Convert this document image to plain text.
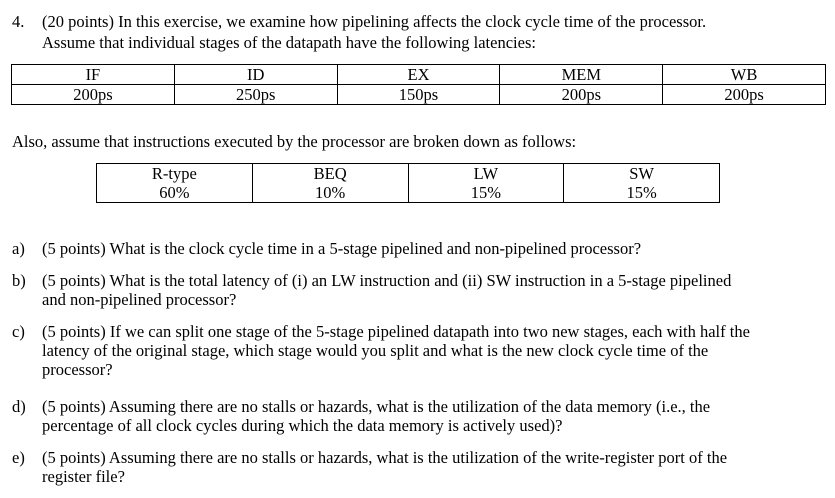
4. (20 points) In this exercise, we examine how pipelining affects the clock cycle time of the processor.
Assume that individual stages of the datapath have the following latencies:
IF	ID	EX	MEM	WB
200ps	250ps	150ps	200ps	200ps
Also, assume that instructions executed by the processor are broken down as follows:
R-type	BEQ	LW	SW
60%	10%	15%	15%
a)	(5 points) What is the clock cycle time in a 5-stage pipelined and non-pipelined processor?
b) (5 points) What is the total latency of (i) an LW instruction and (ii) SW instruction in a 5-stage pipelined
and non-pipelined processor?
c)	(5 points) If we can split one stage of the 5-stage pipelined datapath into two new stages, each with half the
latency of the original stage, which stage would you split and what is the new clock cycle time of the
processor?
d) (5 points) Assuming there are no stalls or hazards, what is the utilization of the data memory (i.e., the
percentage of all clock cycles during which the data memory is actively used)?
e)	(5 points) Assuming there are no stalls or hazards, what is the utilization of the write-register port of the
register file?
